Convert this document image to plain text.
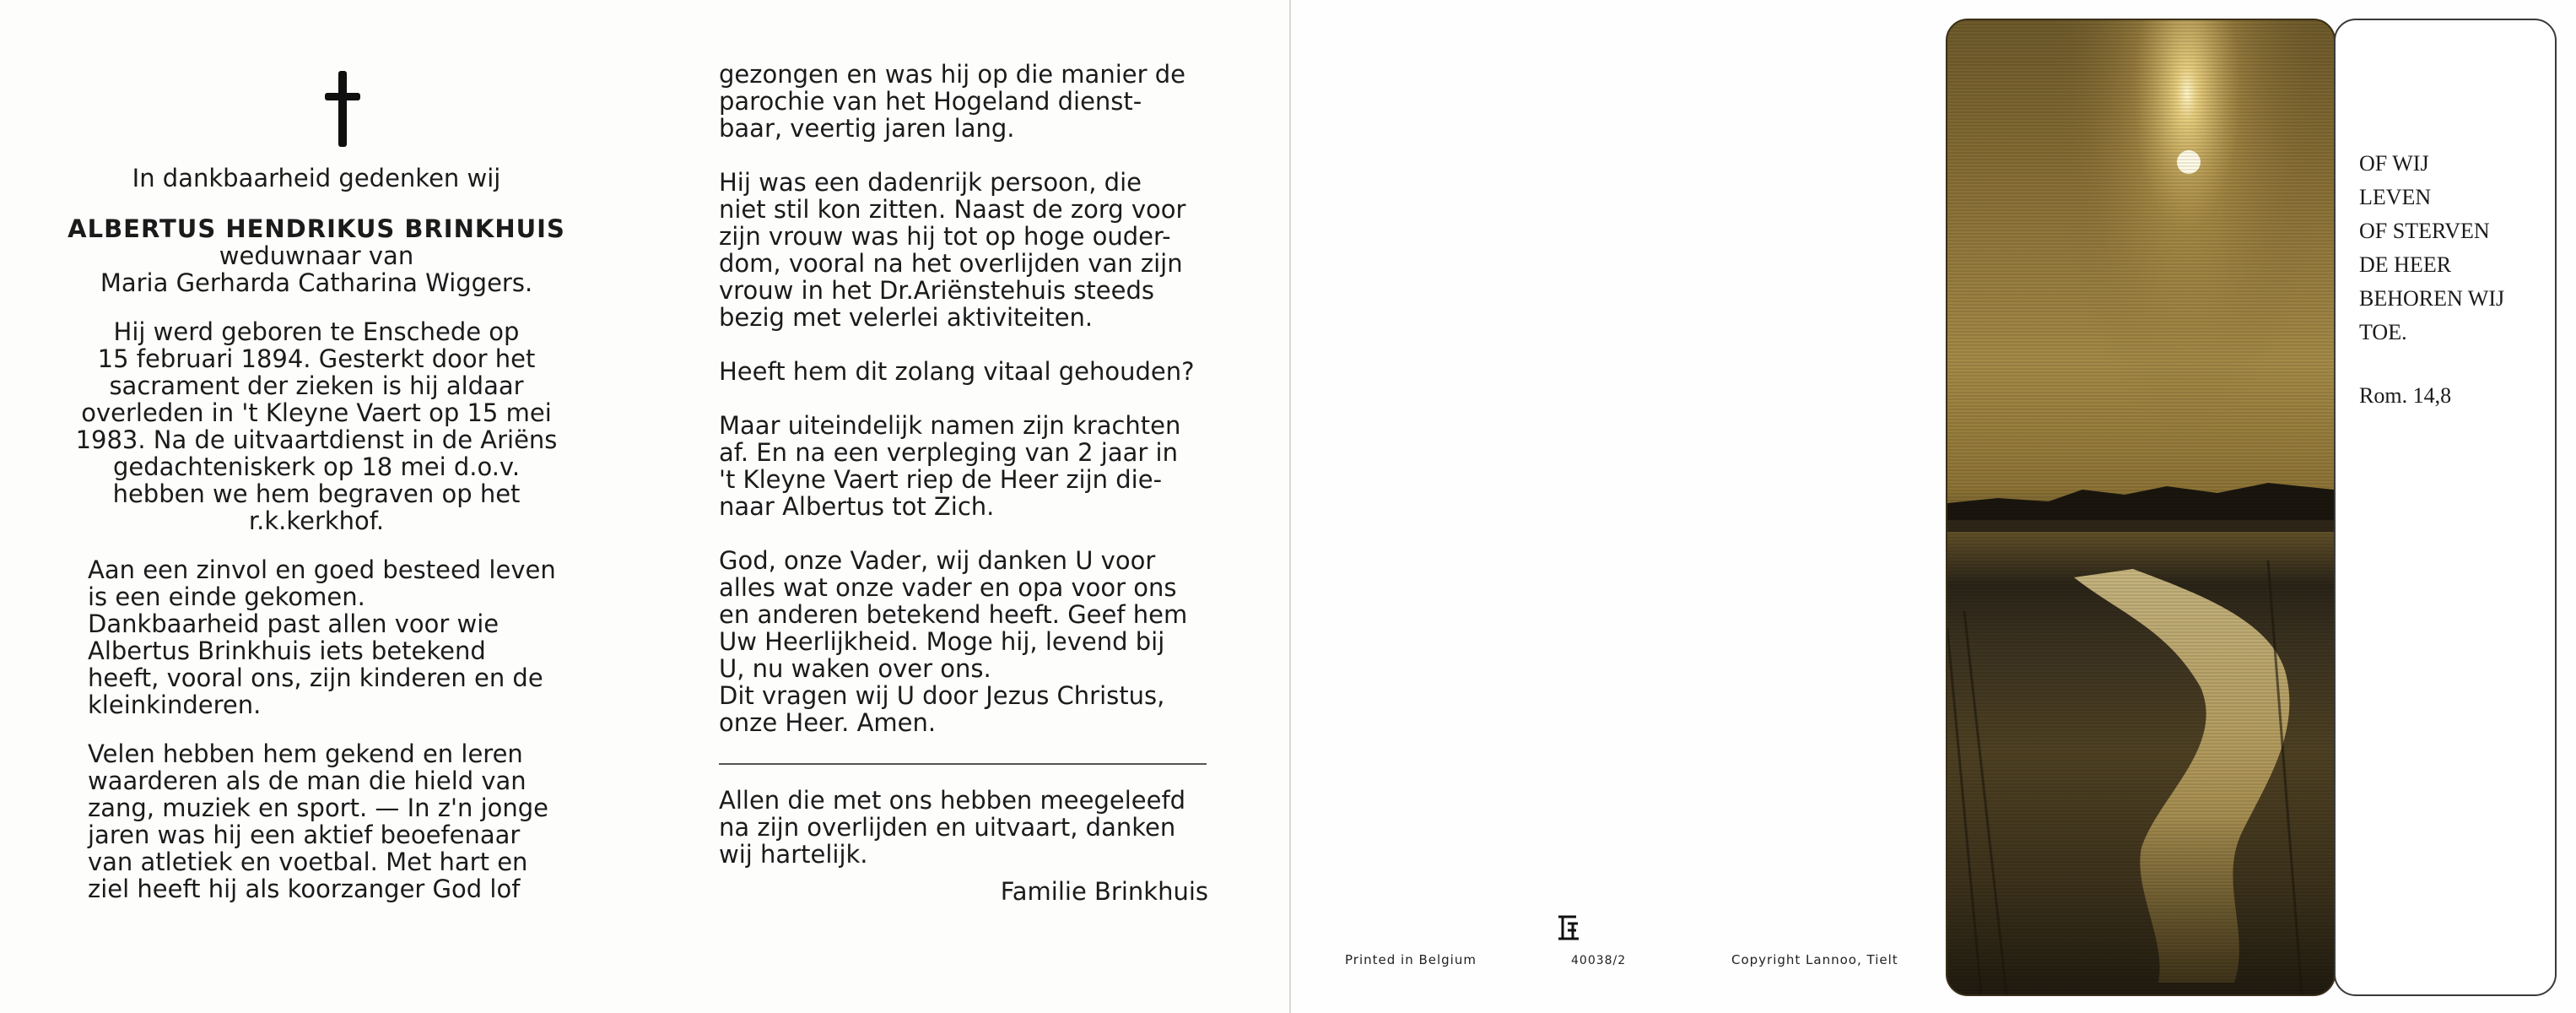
In dankbaarheid gedenken wij
ALBERTUS HENDRIKUS BRINKHUIS
weduwnaar van
Maria Gerharda Catharina Wiggers.
Hij werd geboren te Enschede op
15 februari 1894. Gesterkt door het
sacrament der zieken is hij aldaar
overleden in 't Kleyne Vaert op 15 mei
1983. Na de uitvaartdienst in de Ariëns
gedachteniskerk op 18 mei d.o.v.
hebben we hem begraven op het
r.k.kerkhof.
Aan een zinvol en goed besteed leven
is een einde gekomen.
Dankbaarheid past allen voor wie
Albertus Brinkhuis iets betekend
heeft, vooral ons, zijn kinderen en de
kleinkinderen.
Velen hebben hem gekend en leren
waarderen als de man die hield van
zang, muziek en sport. — In z'n jonge
jaren was hij een aktief beoefenaar
van atletiek en voetbal. Met hart en
ziel heeft hij als koorzanger God lof
gezongen en was hij op die manier de
parochie van het Hogeland dienst-
baar, veertig jaren lang.
Hij was een dadenrijk persoon, die
niet stil kon zitten. Naast de zorg voor
zijn vrouw was hij tot op hoge ouder-
dom, vooral na het overlijden van zijn
vrouw in het Dr.Ariënstehuis steeds
bezig met velerlei aktiviteiten.
Heeft hem dit zolang vitaal gehouden?
Maar uiteindelijk namen zijn krachten
af. En na een verpleging van 2 jaar in
't Kleyne Vaert riep de Heer zijn die-
naar Albertus tot Zich.
God, onze Vader, wij danken U voor
alles wat onze vader en opa voor ons
en anderen betekend heeft. Geef hem
Uw Heerlijkheid. Moge hij, levend bij
U, nu waken over ons.
Dit vragen wij U door Jezus Christus,
onze Heer. Amen.
Allen die met ons hebben meegeleefd
na zijn overlijden en uitvaart, danken
wij hartelijk.
Familie Brinkhuis
Printed in Belgium	40038/2	Copyright Lannoo, Tielt
OF WIJ
LEVEN
OF STERVEN
DE HEER
BEHOREN WIJ
TOE.
Rom. 14,8
